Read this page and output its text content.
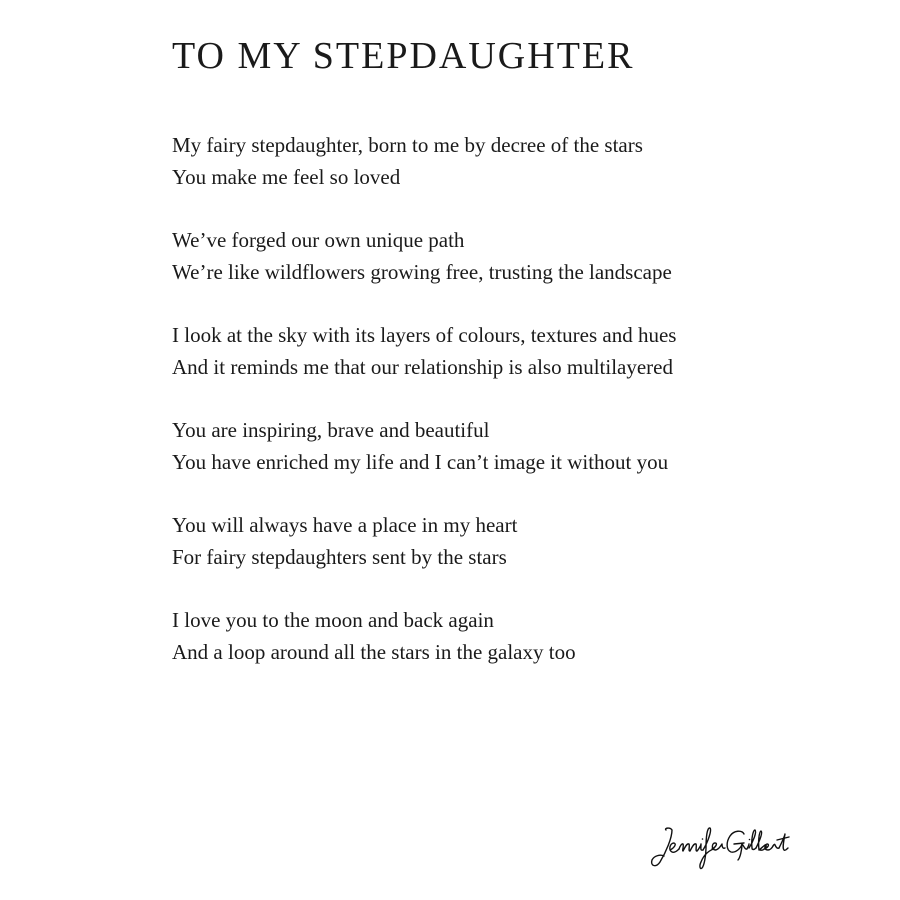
TO MY STEPDAUGHTER
My fairy stepdaughter, born to me by decree of the stars
You make me feel so loved
We’ve forged our own unique path
We’re like wildflowers growing free, trusting the landscape
I look at the sky with its layers of colours, textures and hues
And it reminds me that our relationship is also multilayered
You are inspiring, brave and beautiful
You have enriched my life and I can’t image it without you
You will always have a place in my heart
For fairy stepdaughters sent by the stars
I love you to the moon and back again
And a loop around all the stars in the galaxy too
